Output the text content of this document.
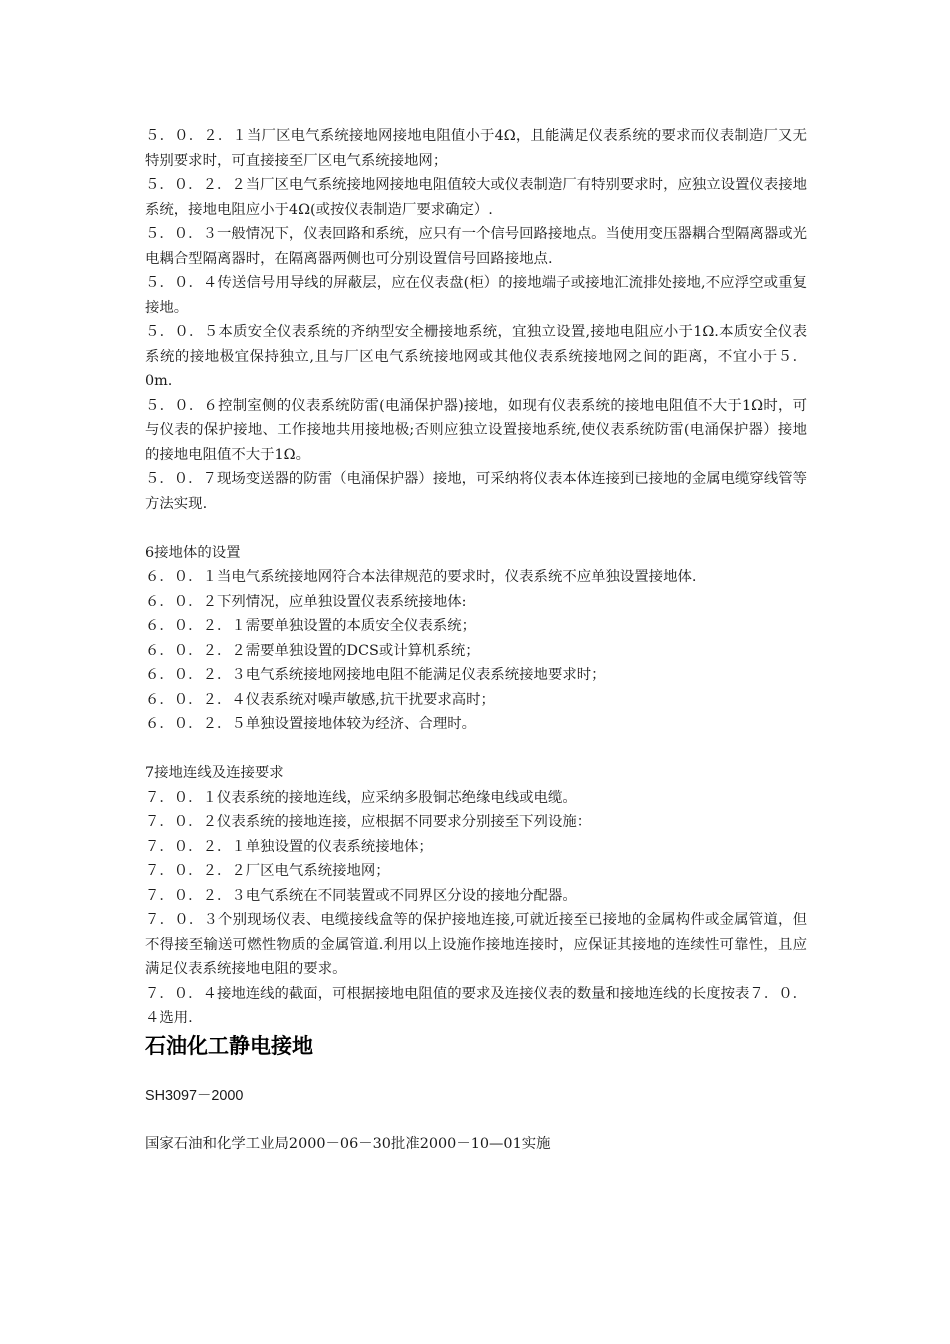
５．０．２．１当厂区电气系统接地网接地电阻值小于4Ω，且能满足仪表系统的要求而仪表制造厂又无特别要求时，可直接接至厂区电气系统接地网；

５．０．２．２当厂区电气系统接地网接地电阻值较大或仪表制造厂有特别要求时，应独立设置仪表接地系统，接地电阻应小于4Ω(或按仪表制造厂要求确定）.

５．０．３一般情况下，仪表回路和系统，应只有一个信号回路接地点。当使用变压器耦合型隔离器或光电耦合型隔离器时，在隔离器两侧也可分别设置信号回路接地点.

５．０．４传送信号用导线的屏蔽层，应在仪表盘(柜）的接地端子或接地汇流排处接地,不应浮空或重复接地。

５．０．５本质安全仪表系统的齐纳型安全栅接地系统，宜独立设置,接地电阻应小于1Ω.本质安全仪表系统的接地极宜保持独立,且与厂区电气系统接地网或其他仪表系统接地网之间的距离，不宜小于５．0m.

５．０．６控制室侧的仪表系统防雷(电涌保护器)接地，如现有仪表系统的接地电阻值不大于1Ω时，可与仪表的保护接地、工作接地共用接地极;否则应独立设置接地系统,使仪表系统防雷(电涌保护器）接地的接地电阻值不大于1Ω。

５．０．７现场变送器的防雷（电涌保护器）接地，可采纳将仪表本体连接到已接地的金属电缆穿线管等方法实现.

6接地体的设置

６．０．１当电气系统接地网符合本法律规范的要求时，仪表系统不应单独设置接地体.

６．０．２下列情况，应单独设置仪表系统接地体:

６．０．２．１需要单独设置的本质安全仪表系统；

６．０．２．２需要单独设置的DCS或计算机系统；

６．０．２．３电气系统接地网接地电阻不能满足仪表系统接地要求时；

６．０．２．４仪表系统对噪声敏感,抗干扰要求高时；

６．０．２．５单独设置接地体较为经济、合理时。

7接地连线及连接要求

７．０．１仪表系统的接地连线，应采纳多股铜芯绝缘电线或电缆。

７．０．２仪表系统的接地连接，应根据不同要求分别接至下列设施：

７．０．２．１单独设置的仪表系统接地体；

７．０．２．２厂区电气系统接地网；

７．０．２．３电气系统在不同装置或不同界区分设的接地分配器。

７．０．３个别现场仪表、电缆接线盒等的保护接地连接,可就近接至已接地的金属构件或金属管道，但不得接至输送可燃性物质的金属管道.利用以上设施作接地连接时，应保证其接地的连续性可靠性，且应满足仪表系统接地电阻的要求。

７．０．４接地连线的截面，可根据接地电阻值的要求及连接仪表的数量和接地连线的长度按表７．０．４选用.

石油化工静电接地
SH3097－2000
国家石油和化学工业局2000－06－30批准2000－10—01实施
